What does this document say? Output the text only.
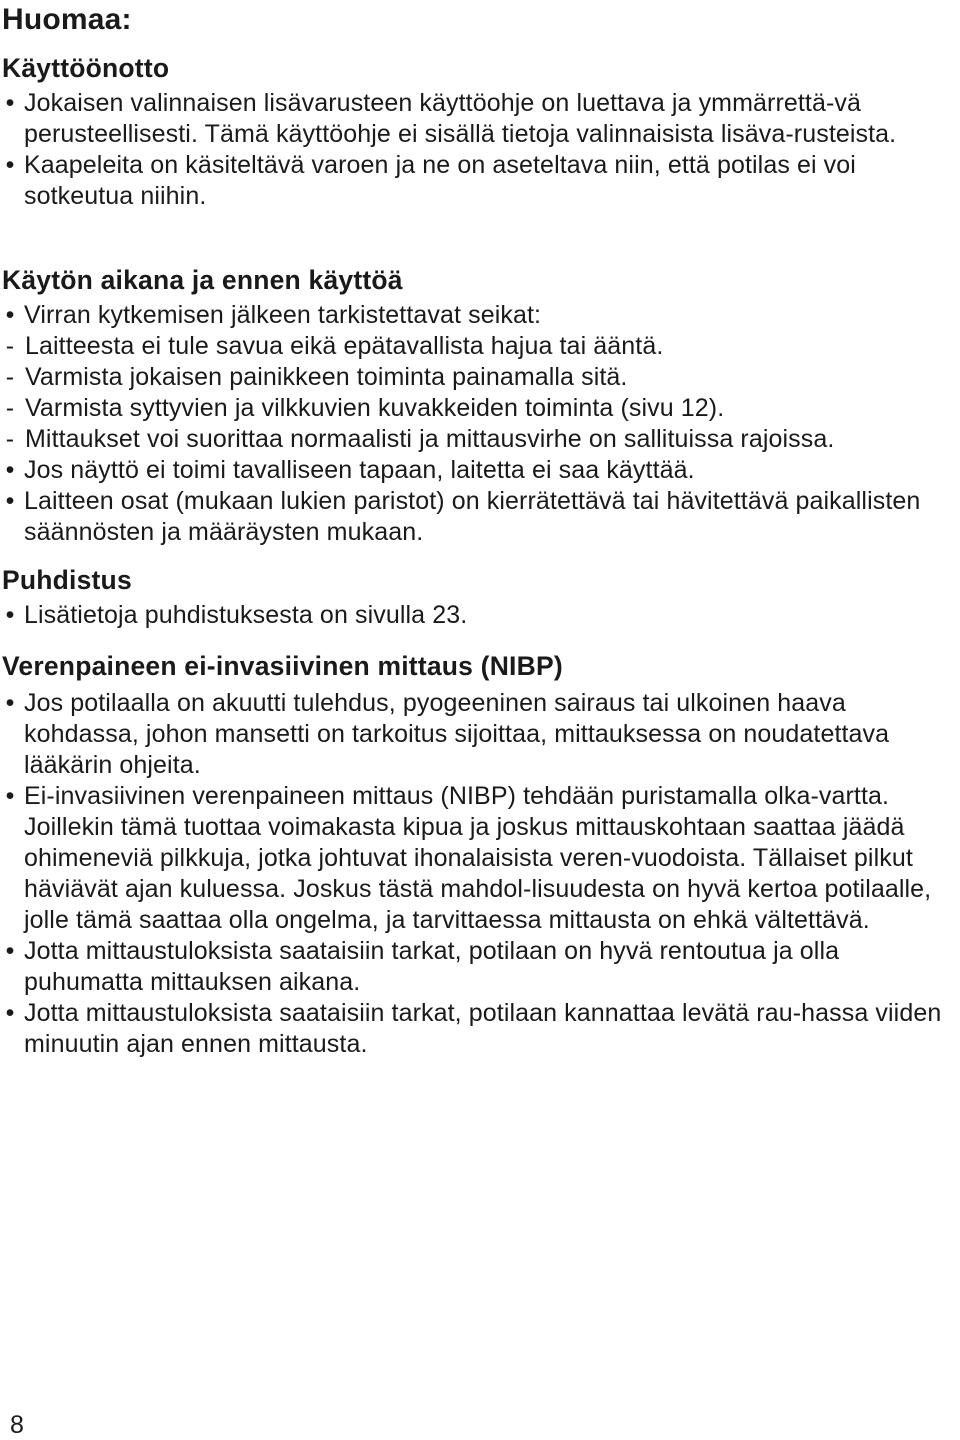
Huomaa:
Käyttöönotto
• Jokaisen valinnaisen lisävarusteen käyttöohje on luettava ja ymmärrettä-vä perusteellisesti. Tämä käyttöohje ei sisällä tietoja valinnaisista lisäva-rusteista.
• Kaapeleita on käsiteltävä varoen ja ne on aseteltava niin, että potilas ei voi sotkeutua niihin.
Käytön aikana ja ennen käyttöä
• Virran kytkemisen jälkeen tarkistettavat seikat:
- Laitteesta ei tule savua eikä epätavallista hajua tai ääntä.
- Varmista jokaisen painikkeen toiminta painamalla sitä.
- Varmista syttyvien ja vilkkuvien kuvakkeiden toiminta (sivu 12).
- Mittaukset voi suorittaa normaalisti ja mittausvirhe on sallituissa rajoissa.
• Jos näyttö ei toimi tavalliseen tapaan, laitetta ei saa käyttää.
• Laitteen osat (mukaan lukien paristot) on kierrätettävä tai hävitettävä paikallisten säännösten ja määräysten mukaan.
Puhdistus
• Lisätietoja puhdistuksesta on sivulla 23.
Verenpaineen ei-invasiivinen mittaus (NIBP)
• Jos potilaalla on akuutti tulehdus, pyogeeninen sairaus tai ulkoinen haava kohdassa, johon mansetti on tarkoitus sijoittaa, mittauksessa on noudatettava lääkärin ohjeita.
• Ei-invasiivinen verenpaineen mittaus (NIBP) tehdään puristamalla olka-vartta. Joillekin tämä tuottaa voimakasta kipua ja joskus mittauskohtaan saattaa jäädä ohimeneviä pilkkuja, jotka johtuvat ihonalaisista veren-vuodoista. Tällaiset pilkut häviävät ajan kuluessa. Joskus tästä mahdol-lisuudesta on hyvä kertoa potilaalle, jolle tämä saattaa olla ongelma, ja tarvittaessa mittausta on ehkä vältettävä.
• Jotta mittaustuloksista saataisiin tarkat, potilaan on hyvä rentoutua ja olla puhumatta mittauksen aikana.
• Jotta mittaustuloksista saataisiin tarkat, potilaan kannattaa levätä rau-hassa viiden minuutin ajan ennen mittausta.
8
